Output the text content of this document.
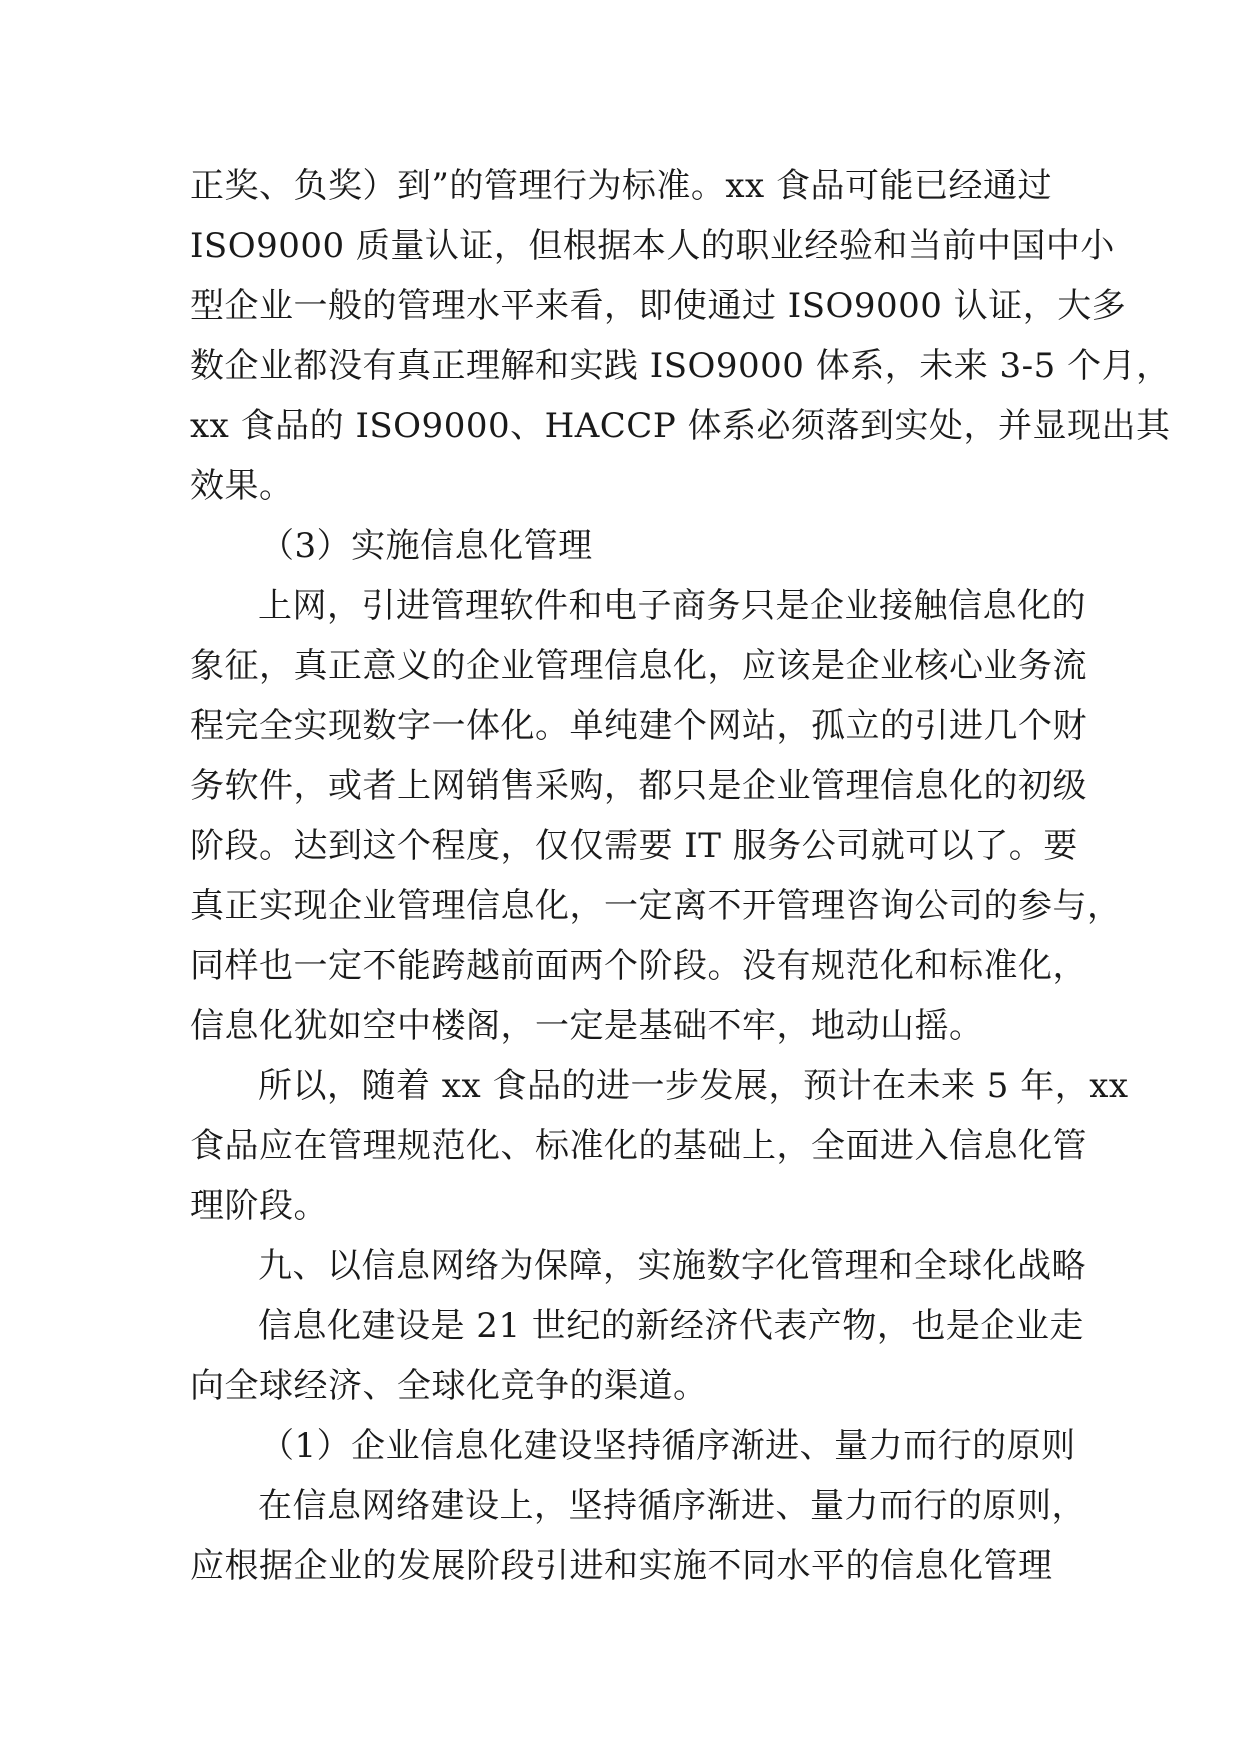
正奖、负奖）到”的管理行为标准。xx 食品可能已经通过
ISO9000 质量认证，但根据本人的职业经验和当前中国中小
型企业一般的管理水平来看，即使通过 ISO9000 认证，大多
数企业都没有真正理解和实践 ISO9000 体系，未来 3-5 个月，
xx 食品的 ISO9000、HACCP 体系必须落到实处，并显现出其
效果。
（3）实施信息化管理
上网，引进管理软件和电子商务只是企业接触信息化的
象征，真正意义的企业管理信息化，应该是企业核心业务流
程完全实现数字一体化。单纯建个网站，孤立的引进几个财
务软件，或者上网销售采购，都只是企业管理信息化的初级
阶段。达到这个程度，仅仅需要 IT 服务公司就可以了。要
真正实现企业管理信息化，一定离不开管理咨询公司的参与，
同样也一定不能跨越前面两个阶段。没有规范化和标准化，
信息化犹如空中楼阁，一定是基础不牢，地动山摇。
所以，随着 xx 食品的进一步发展，预计在未来 5 年，xx
食品应在管理规范化、标准化的基础上，全面进入信息化管
理阶段。
九、以信息网络为保障，实施数字化管理和全球化战略
信息化建设是 21 世纪的新经济代表产物，也是企业走
向全球经济、全球化竞争的渠道。
（1）企业信息化建设坚持循序渐进、量力而行的原则
在信息网络建设上，坚持循序渐进、量力而行的原则，
应根据企业的发展阶段引进和实施不同水平的信息化管理
